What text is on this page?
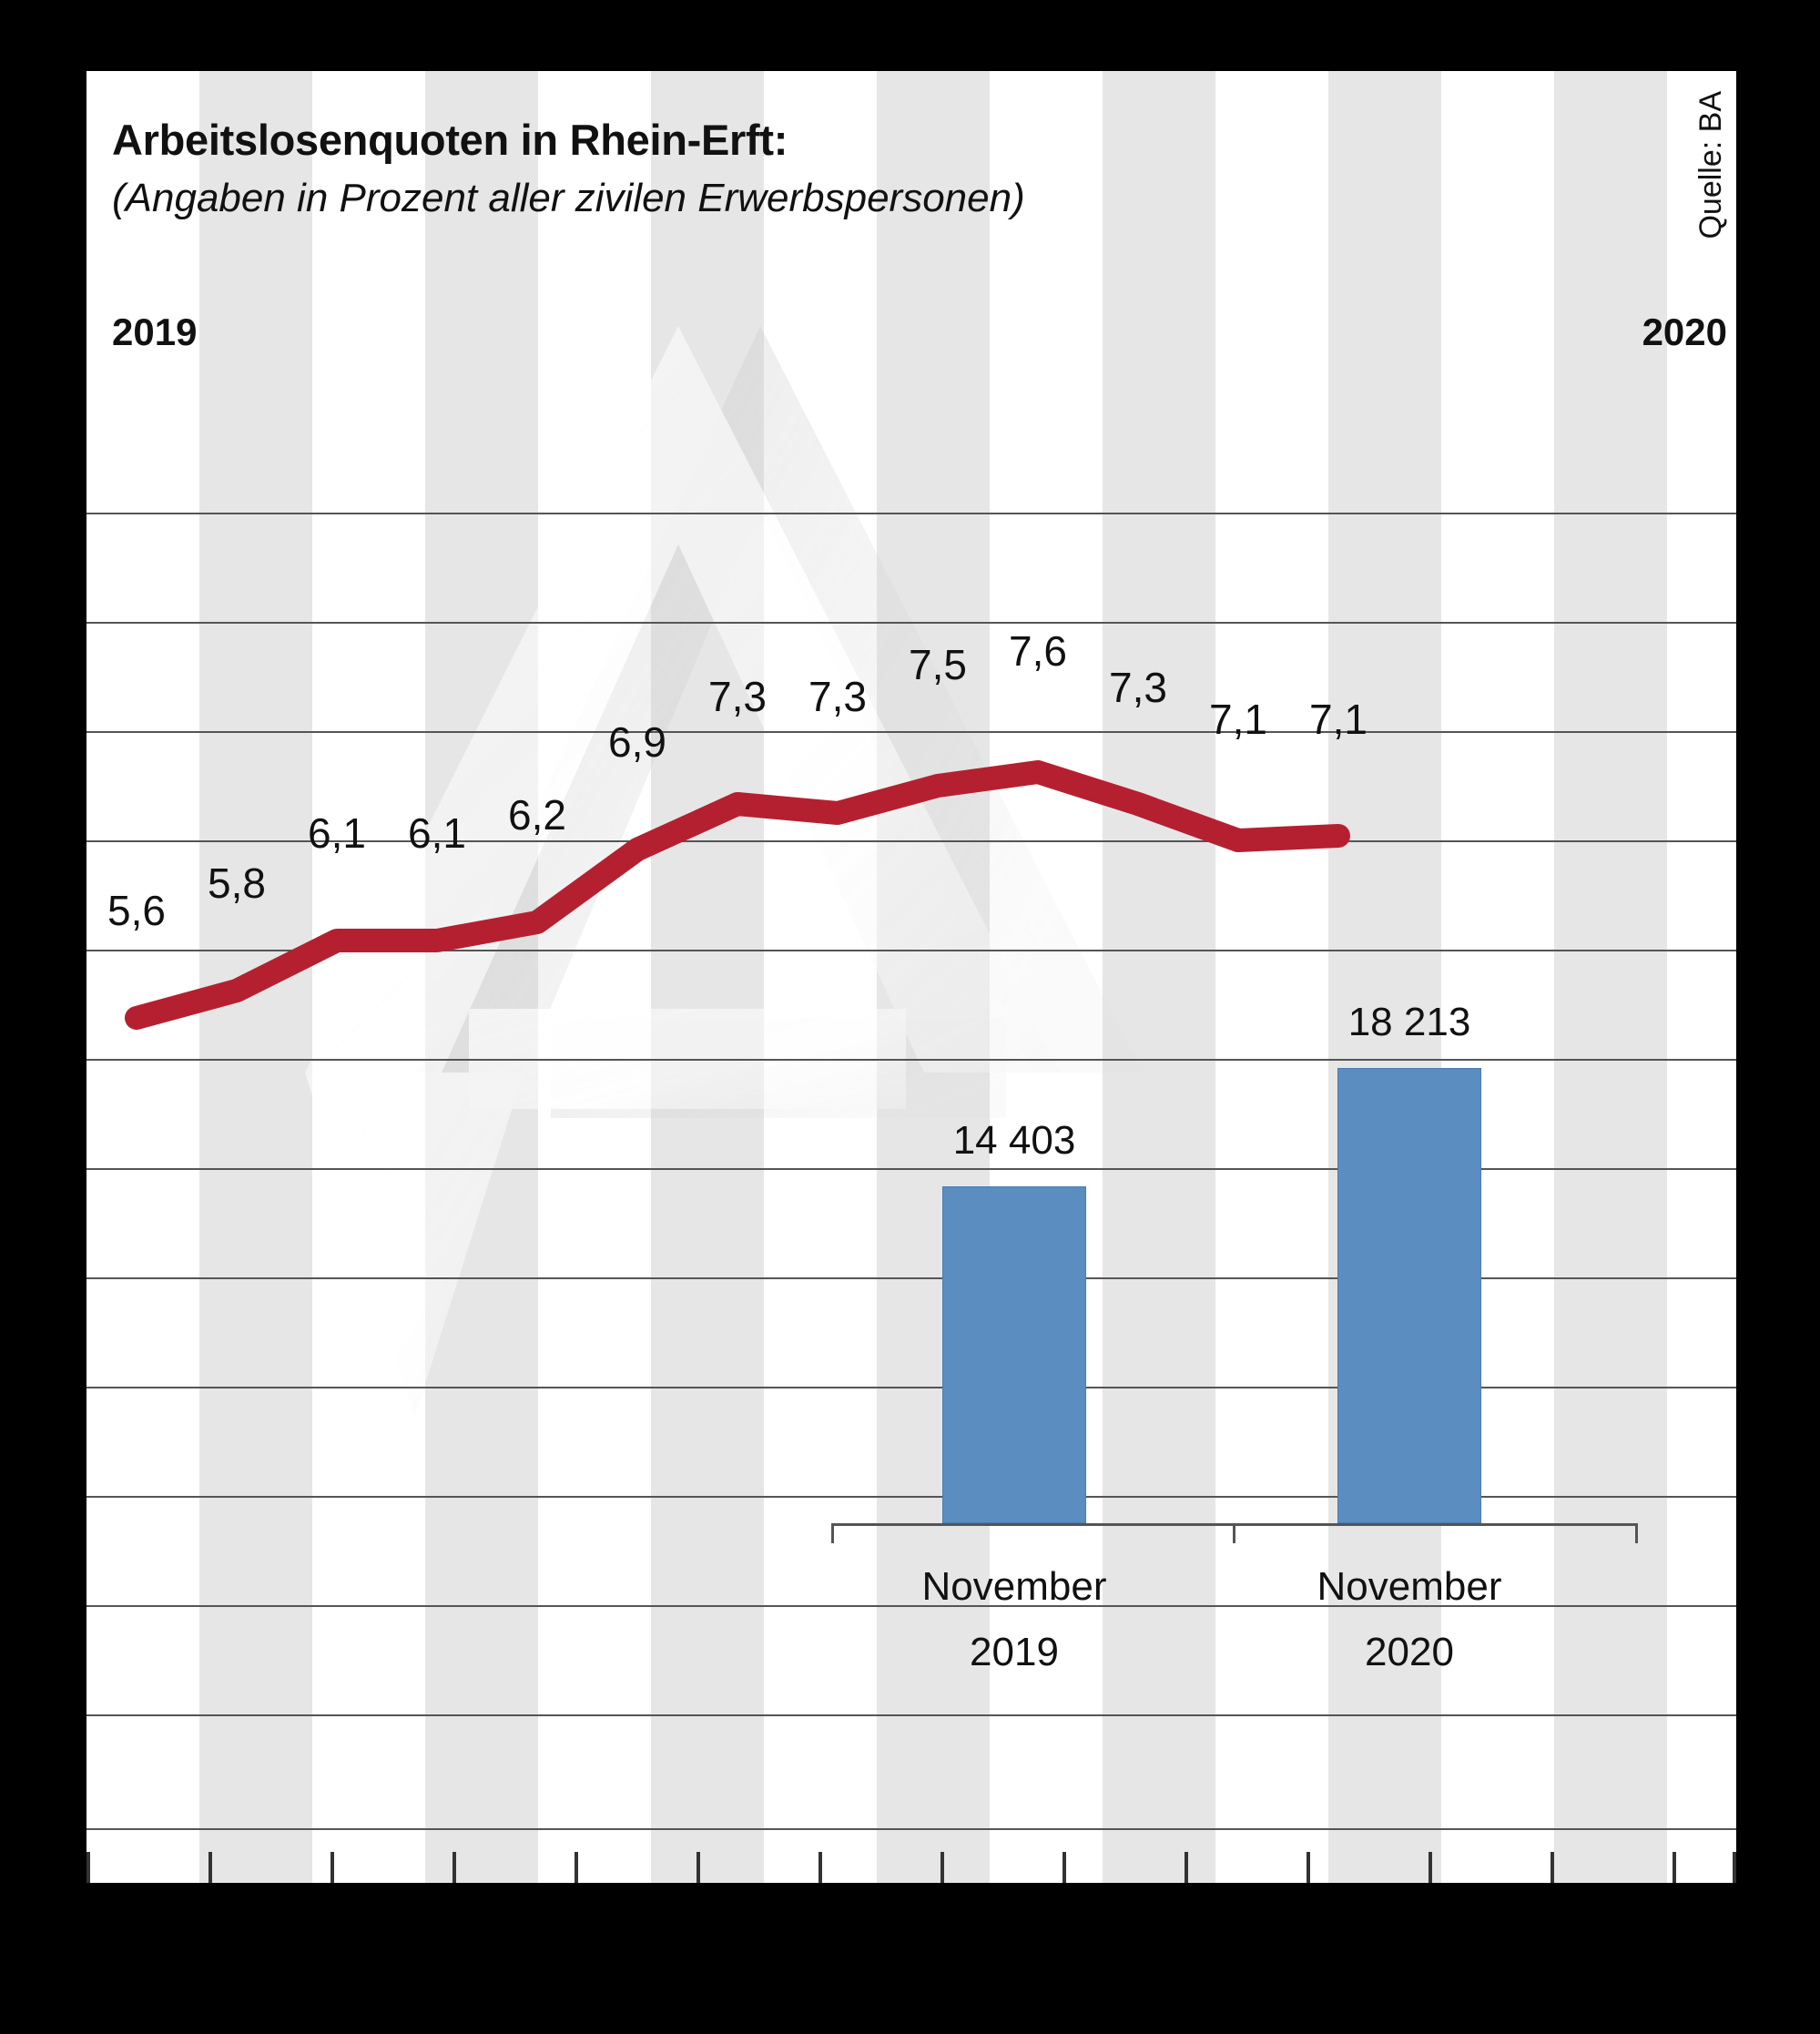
14 403
18 213
November
2019
November
2020
5,6
5,8
6,1 6,1 6,2
6,9
7,3 7,3
7,5 7,6
7,3
7,1 7,1
Arbeitslosenquoten in Rhein-Erft:
(Angaben in Prozent aller zivilen Erwerbspersonen)	Quelle: BA
2019	2020
